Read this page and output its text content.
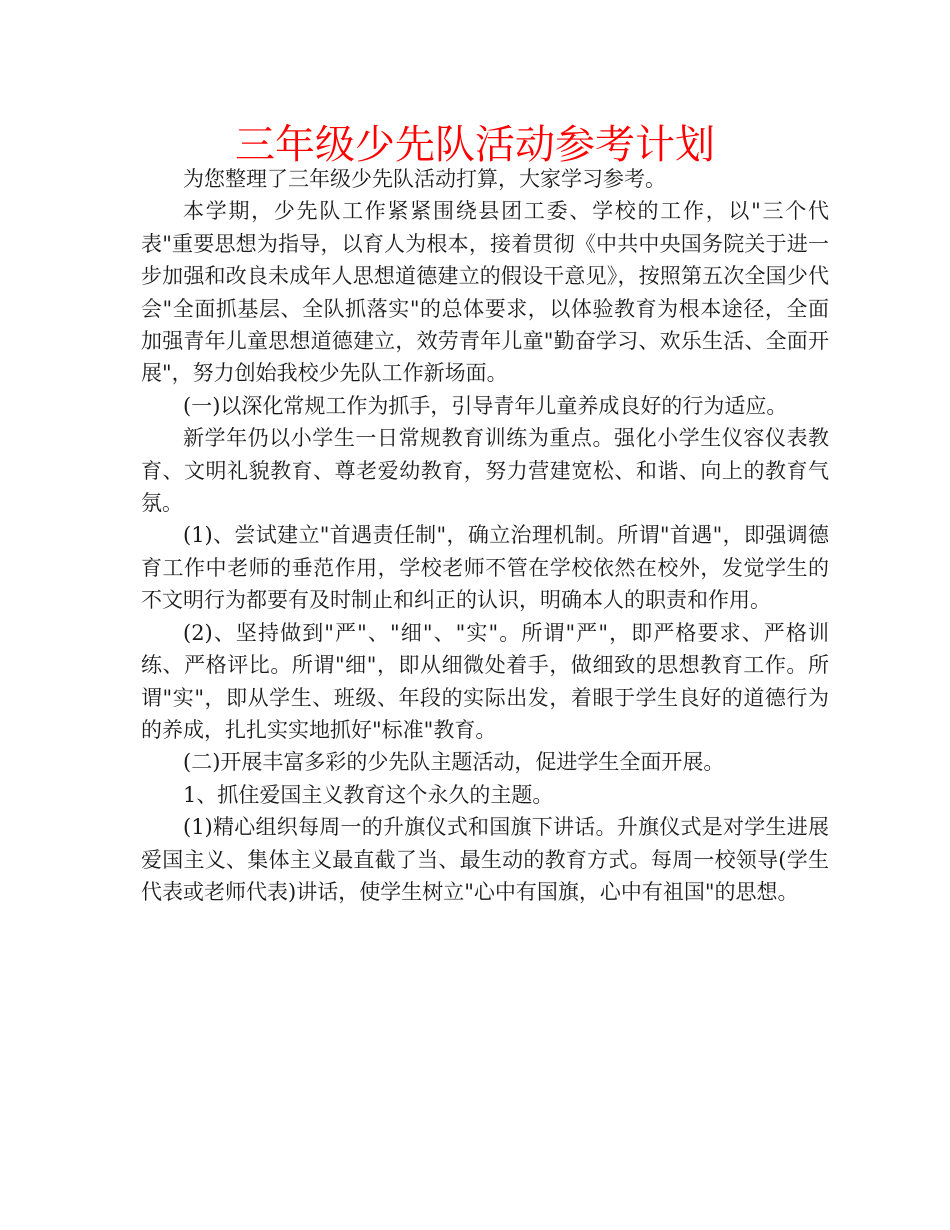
三年级少先队活动参考计划

为您整理了三年级少先队活动打算，大家学习参考。

本学期，少先队工作紧紧围绕县团工委、学校的工作，以"三个代表"重要思想为指导，以育人为根本，接着贯彻《中共中央国务院关于进一步加强和改良未成年人思想道德建立的假设干意见》，按照第五次全国少代会"全面抓基层、全队抓落实"的总体要求，以体验教育为根本途径，全面加强青年儿童思想道德建立，效劳青年儿童"勤奋学习、欢乐生活、全面开展"，努力创始我校少先队工作新场面。

(一)以深化常规工作为抓手，引导青年儿童养成良好的行为适应。

新学年仍以小学生一日常规教育训练为重点。强化小学生仪容仪表教育、文明礼貌教育、尊老爱幼教育，努力营建宽松、和谐、向上的教育气氛。

(1)、尝试建立"首遇责任制"，确立治理机制。所谓"首遇"，即强调德育工作中老师的垂范作用，学校老师不管在学校依然在校外，发觉学生的不文明行为都要有及时制止和纠正的认识，明确本人的职责和作用。

(2)、坚持做到"严"、"细"、"实"。所谓"严"，即严格要求、严格训练、严格评比。所谓"细"，即从细微处着手，做细致的思想教育工作。所谓"实"，即从学生、班级、年段的实际出发，着眼于学生良好的道德行为的养成，扎扎实实地抓好"标准"教育。

(二)开展丰富多彩的少先队主题活动，促进学生全面开展。

1、抓住爱国主义教育这个永久的主题。

(1)精心组织每周一的升旗仪式和国旗下讲话。升旗仪式是对学生进展爱国主义、集体主义最直截了当、最生动的教育方式。每周一校领导(学生代表或老师代表)讲话，使学生树立"心中有国旗，心中有祖国"的思想。
